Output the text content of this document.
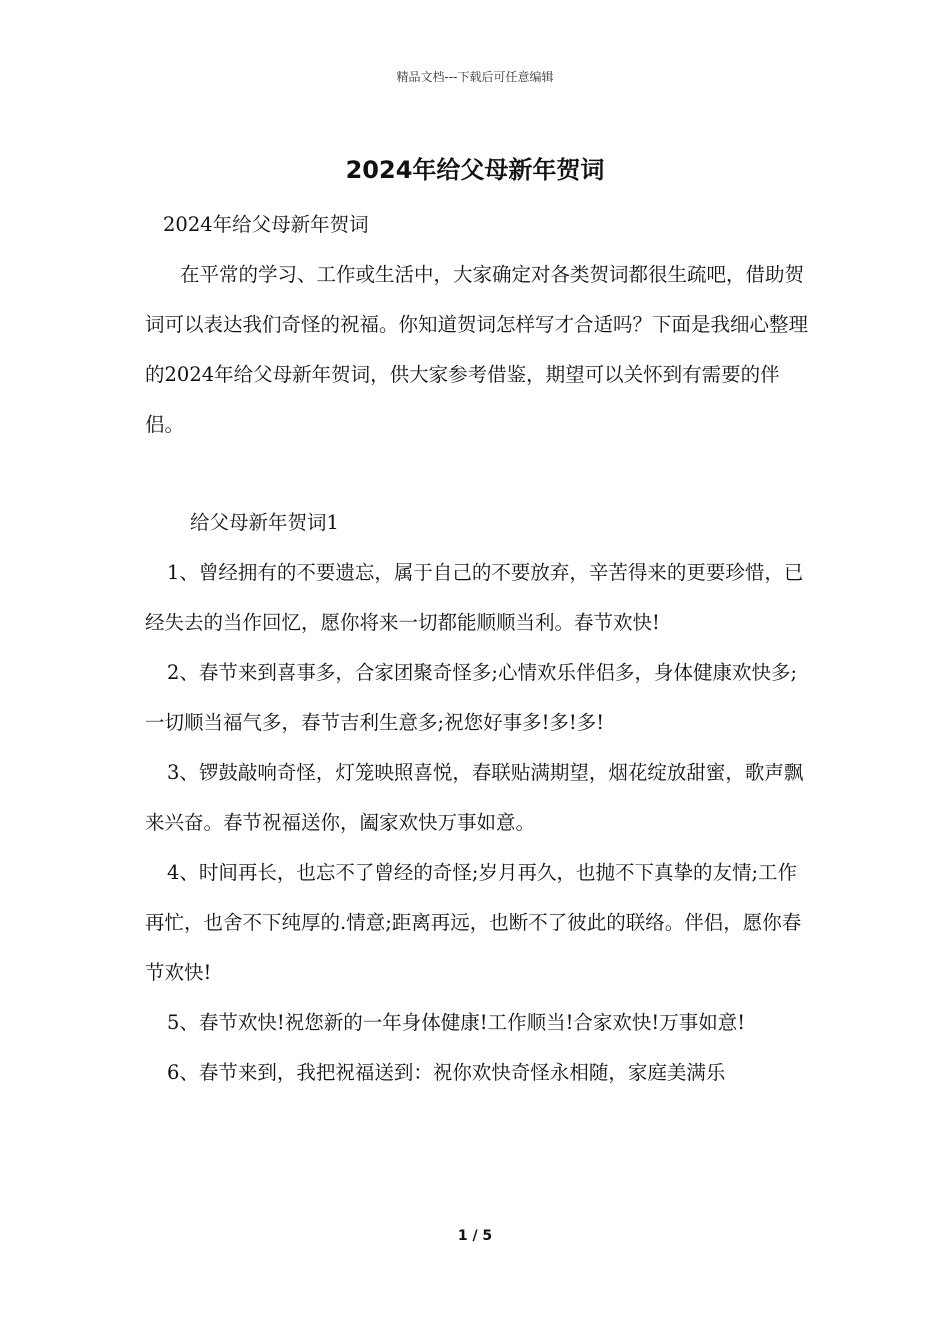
精品文档---下载后可任意编辑
2024年给父母新年贺词

2024年给父母新年贺词

在平常的学习、工作或生活中，大家确定对各类贺词都很生疏吧，借助贺词可以表达我们奇怪的祝福。你知道贺词怎样写才合适吗？下面是我细心整理的2024年给父母新年贺词，供大家参考借鉴，期望可以关怀到有需要的伴侣。

给父母新年贺词1

1、曾经拥有的不要遗忘，属于自己的不要放弃，辛苦得来的更要珍惜，已经失去的当作回忆，愿你将来一切都能顺顺当利。春节欢快!

2、春节来到喜事多，合家团聚奇怪多;心情欢乐伴侣多，身体健康欢快多;一切顺当福气多，春节吉利生意多;祝您好事多!多!多!

3、锣鼓敲响奇怪，灯笼映照喜悦，春联贴满期望，烟花绽放甜蜜，歌声飘来兴奋。春节祝福送你，阖家欢快万事如意。

4、时间再长，也忘不了曾经的奇怪;岁月再久，也抛不下真挚的友情;工作再忙，也舍不下纯厚的.情意;距离再远，也断不了彼此的联络。伴侣，愿你春节欢快!

5、春节欢快!祝您新的一年身体健康!工作顺当!合家欢快!万事如意!

6、春节来到，我把祝福送到：祝你欢快奇怪永相随，家庭美满乐

1 / 5
